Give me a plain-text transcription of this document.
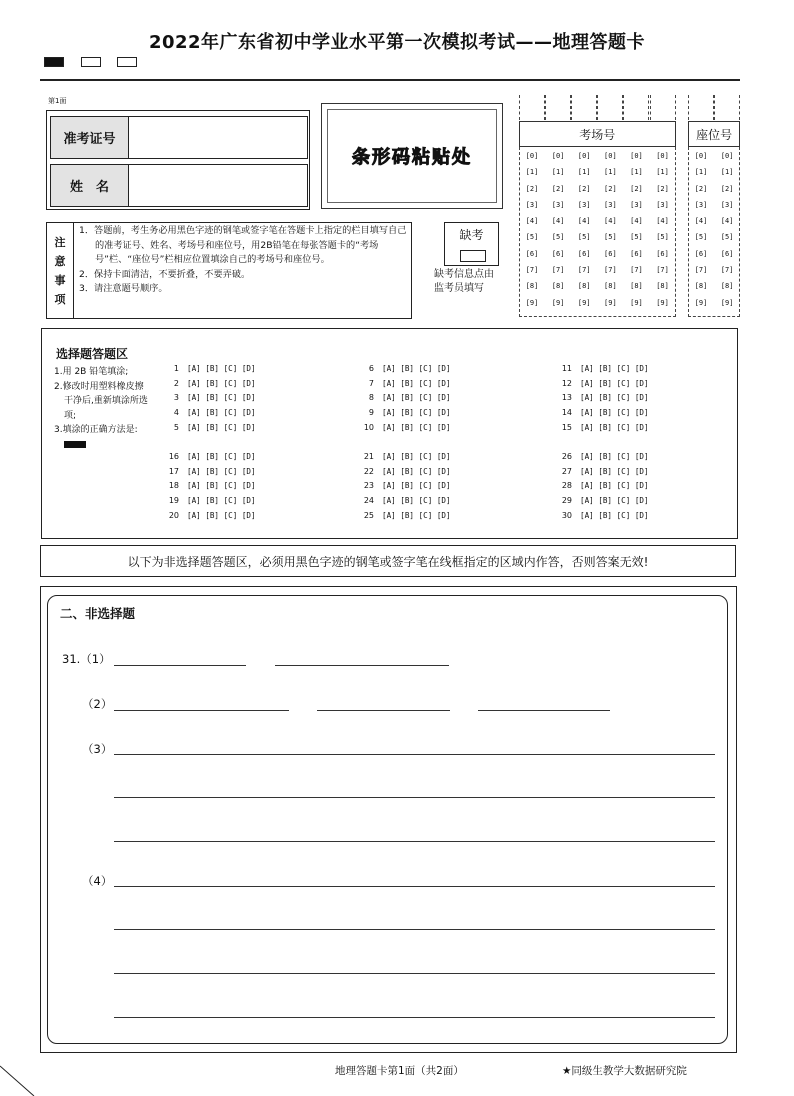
2022年广东省初中学业水平第一次模拟考试——地理答题卡
第1面
准考证号
姓　名
条形码粘贴处
注
意
事
项
1．答题前，考生务必用黑色字迹的钢笔或签字笔在答题卡上指定的栏目填写自己的准考证号、姓名、考场号和座位号，用2B铅笔在每张答题卡的“考场号”栏、“座位号”栏相应位置填涂自己的考场号和座位号。
2．保持卡面清洁，不要折叠，不要弄破。
3．请注意题号顺序。
缺考
缺考信息点由
监考员填写
[0]
[1]
[2]
[3]
[4]
[5]
[6]
[7]
[8]
[9]
[0]
[1]
[2]
[3]
[4]
[5]
[6]
[7]
[8]
[9]
[0]
[1]
[2]
[3]
[4]
[5]
[6]
[7]
[8]
[9]
[0]
[1]
[2]
[3]
[4]
[5]
[6]
[7]
[8]
[9]
[0]
[1]
[2]
[3]
[4]
[5]
[6]
[7]
[8]
[9]
[0]
[1]
[2]
[3]
[4]
[5]
[6]
[7]
[8]
[9]
考场号
[0]
[1]
[2]
[3]
[4]
[5]
[6]
[7]
[8]
[9]
[0]
[1]
[2]
[3]
[4]
[5]
[6]
[7]
[8]
[9]
座位号
选择题答题区
1.用 2B 铅笔填涂;
2.修改时用塑料橡皮擦干净后,重新填涂所选项;
3.填涂的正确方法是:
1 [A] [B] [C] [D]
2 [A] [B] [C] [D]
3 [A] [B] [C] [D]
4 [A] [B] [C] [D]
5 [A] [B] [C] [D]
6 [A] [B] [C] [D]
7 [A] [B] [C] [D]
8 [A] [B] [C] [D]
9 [A] [B] [C] [D]
10 [A] [B] [C] [D]
11 [A] [B] [C] [D]
12 [A] [B] [C] [D]
13 [A] [B] [C] [D]
14 [A] [B] [C] [D]
15 [A] [B] [C] [D]
16 [A] [B] [C] [D]
17 [A] [B] [C] [D]
18 [A] [B] [C] [D]
19 [A] [B] [C] [D]
20 [A] [B] [C] [D]
21 [A] [B] [C] [D]
22 [A] [B] [C] [D]
23 [A] [B] [C] [D]
24 [A] [B] [C] [D]
25 [A] [B] [C] [D]
26 [A] [B] [C] [D]
27 [A] [B] [C] [D]
28 [A] [B] [C] [D]
29 [A] [B] [C] [D]
30 [A] [B] [C] [D]
以下为非选择题答题区，必须用黑色字迹的钢笔或签字笔在线框指定的区域内作答，否则答案无效!
二、非选择题
31.（1）
（2）
（3）
（4）
地理答题卡第1面（共2面）	★同级生教学大数据研究院
